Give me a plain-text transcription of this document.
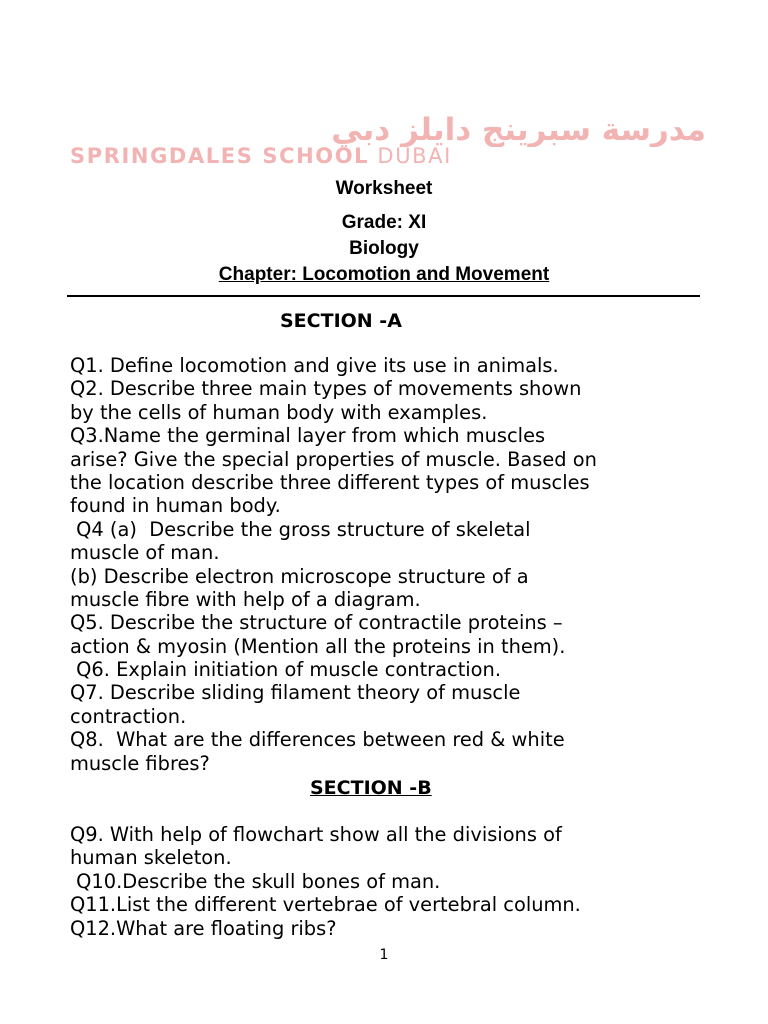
مدرسة سبرينج دايلز دبي
SPRINGDALES SCHOOL DUBAI
Worksheet
Grade: XI
Biology
Chapter: Locomotion and Movement
SECTION -A
Q1. Define locomotion and give its use in animals.
Q2. Describe three main types of movements shown
by the cells of human body with examples.
Q3.Name the germinal layer from which muscles
arise? Give the special properties of muscle. Based on
the location describe three different types of muscles
found in human body.
Q4 (a)  Describe the gross structure of skeletal
muscle of man.
(b) Describe electron microscope structure of a
muscle fibre with help of a diagram.
Q5. Describe the structure of contractile proteins –
action & myosin (Mention all the proteins in them).
Q6. Explain initiation of muscle contraction.
Q7. Describe sliding filament theory of muscle
contraction.
Q8.  What are the differences between red & white
muscle fibres?
SECTION -B
Q9. With help of flowchart show all the divisions of
human skeleton.
Q10.Describe the skull bones of man.
Q11.List the different vertebrae of vertebral column.
Q12.What are floating ribs?
1
